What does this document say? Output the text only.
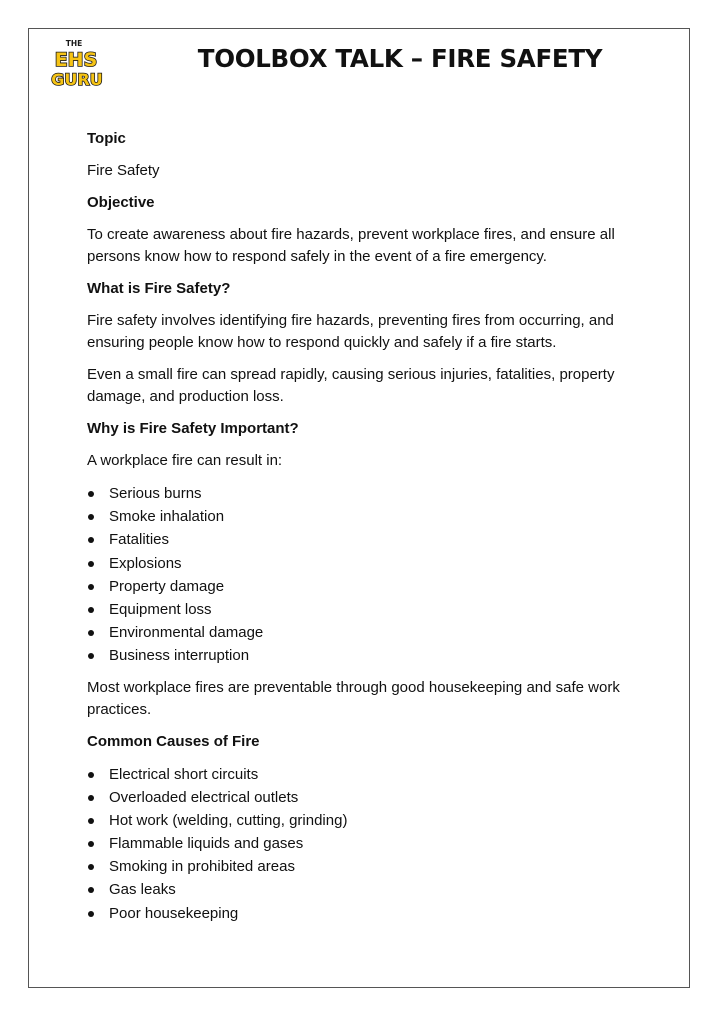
THE
EHS
GURU
TOOLBOX TALK – FIRE SAFETY

Topic

Fire Safety

Objective

To create awareness about fire hazards, prevent workplace fires, and ensure all persons know how to respond safely in the event of a fire emergency.

What is Fire Safety?

Fire safety involves identifying fire hazards, preventing fires from occurring, and ensuring people know how to respond quickly and safely if a fire starts.

Even a small fire can spread rapidly, causing serious injuries, fatalities, property damage, and production loss.

Why is Fire Safety Important?

A workplace fire can result in:

Serious burns
Smoke inhalation
Fatalities
Explosions
Property damage
Equipment loss
Environmental damage
Business interruption

Most workplace fires are preventable through good housekeeping and safe work practices.

Common Causes of Fire

Electrical short circuits
Overloaded electrical outlets
Hot work (welding, cutting, grinding)
Flammable liquids and gases
Smoking in prohibited areas
Gas leaks
Poor housekeeping
